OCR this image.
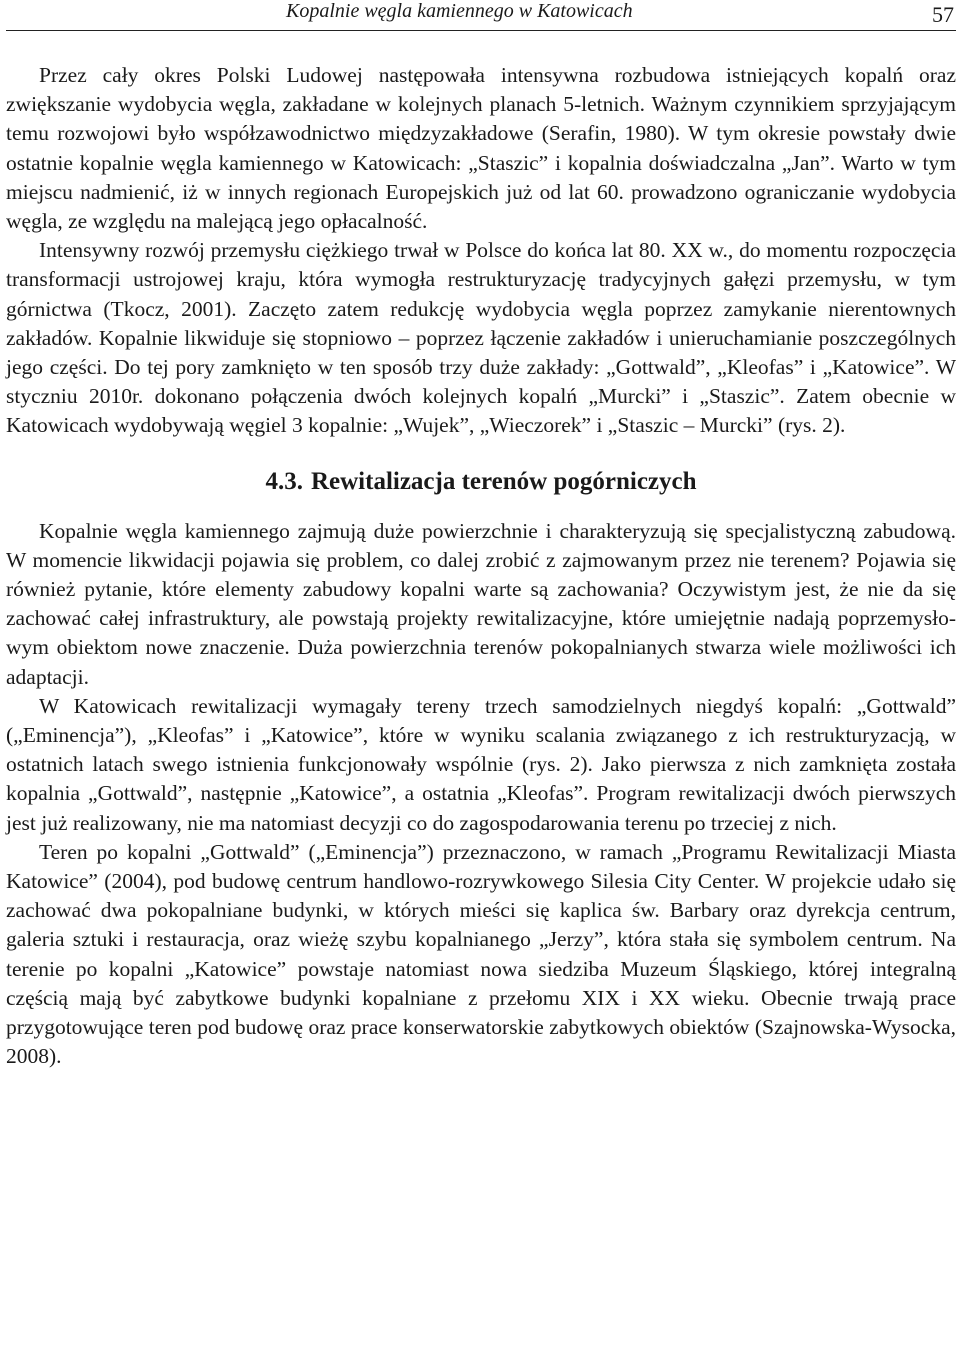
Kopalnie węgla kamiennego w Katowicach	57

Przez cały okres Polski Ludowej następowała intensywna rozbudowa istniejących kopalń oraz zwiększanie wydobycia węgla, zakładane w kolejnych planach 5-letnich. Ważnym czynnikiem sprzyjającym temu rozwojowi było współzawodnictwo międzyzakładowe (Serafin, 1980). W tym okresie powstały dwie ostatnie kopalnie węgla kamiennego w Katowicach: „Staszic” i kopalnia doświadczalna „Jan”. Warto w tym miejscu nadmienić, iż w innych regionach Europejskich już od lat 60. prowadzono ograniczanie wydobycia węgla, ze względu na malejącą jego opłacalność.

Intensywny rozwój przemysłu ciężkiego trwał w Polsce do końca lat 80. XX w., do momentu rozpoczęcia transformacji ustrojowej kraju, która wymogła restrukturyzację tradycyjnych gałęzi przemysłu, w tym górnictwa (Tkocz, 2001). Zaczęto zatem redukcję wydobycia węgla poprzez zamykanie nierentownych zakładów. Kopalnie likwiduje się stopniowo – poprzez łączenie zakładów i unieruchamianie poszczególnych jego części. Do tej pory zamknięto w ten sposób trzy duże zakłady: „Gottwald”, „Kleofas” i „Katowice”. W styczniu 2010r. dokonano połączenia dwóch kolejnych kopalń „Murcki” i „Staszic”. Zatem obecnie w Katowicach wydobywają węgiel 3 kopalnie: „Wujek”, „Wieczorek” i „Staszic – Murcki” (rys. 2).

4.3. Rewitalizacja terenów pogórniczych

Kopalnie węgla kamiennego zajmują duże powierzchnie i charakteryzują się specjalistyczną zabudową. W momencie likwidacji pojawia się problem, co dalej zrobić z zajmowanym przez nie terenem? Pojawia się również pytanie, które elementy zabudowy kopalni warte są zachowania? Oczywistym jest, że nie da się zachować całej infrastruktury, ale powstają projekty rewitalizacyjne, które umiejętnie nadają poprzemysłowym obiektom nowe znaczenie. Duża powierzchnia terenów pokopalnianych stwarza wiele możliwości ich adaptacji.

W Katowicach rewitalizacji wymagały tereny trzech samodzielnych niegdyś kopalń: „Gottwald” („Eminencja”), „Kleofas” i „Katowice”, które w wyniku scalania związanego z ich restrukturyzacją, w ostatnich latach swego istnienia funkcjonowały wspólnie (rys. 2). Jako pierwsza z nich zamknięta została kopalnia „Gottwald”, następnie „Katowice”, a ostatnia „Kleofas”. Program rewitalizacji dwóch pierwszych jest już realizowany, nie ma natomiast decyzji co do zagospodarowania terenu po trzeciej z nich.

Teren po kopalni „Gottwald” („Eminencja”) przeznaczono, w ramach „Programu Rewitalizacji Miasta Katowice” (2004), pod budowę centrum handlowo-rozrywkowego Silesia City Center. W projekcie udało się zachować dwa pokopalniane budynki, w których mieści się kaplica św. Barbary oraz dyrekcja centrum, galeria sztuki i restauracja, oraz wieżę szybu kopalnianego „Jerzy”, która stała się symbolem centrum. Na terenie po kopalni „Katowice” powstaje natomiast nowa siedziba Muzeum Śląskiego, której integralną częścią mają być zabytkowe budynki kopalniane z przełomu XIX i XX wieku. Obecnie trwają prace przygotowujące teren pod budowę oraz prace konserwatorskie zabytkowych obiektów (Szajnowska-Wysocka, 2008).
